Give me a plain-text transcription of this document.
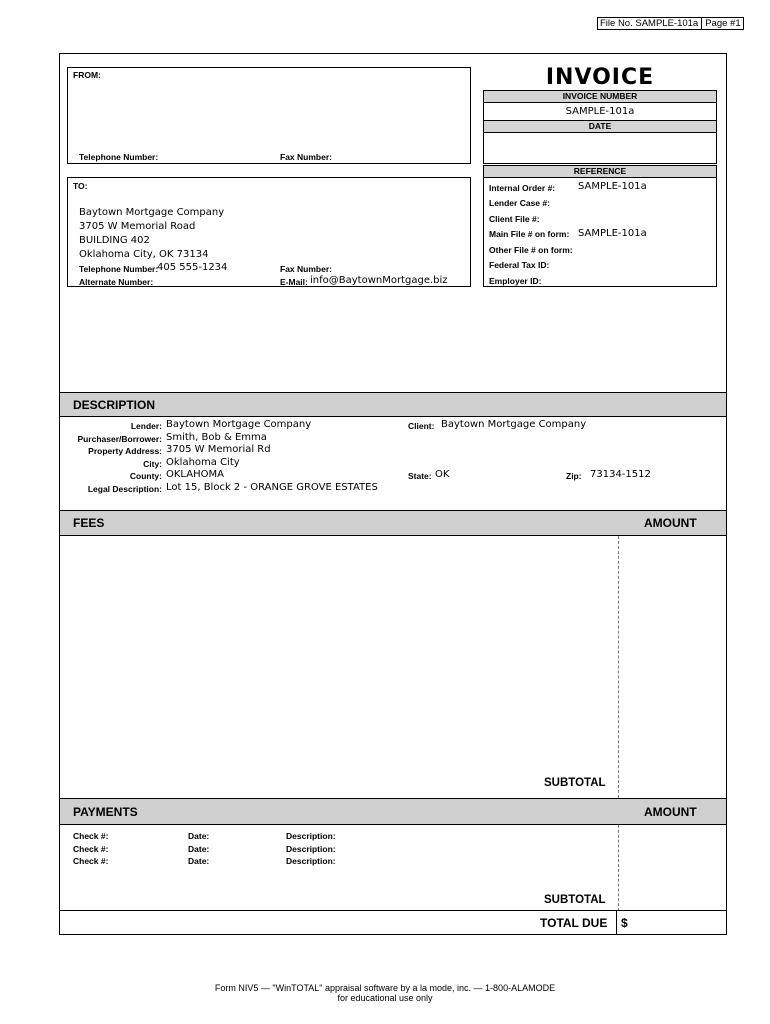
File No. SAMPLE-101a Page #1
FROM:
Telephone Number:	Fax Number:
INVOICE
INVOICE NUMBER
SAMPLE-101a
DATE
TO:
Baytown Mortgage Company
3705 W Memorial Road
BUILDING 402
Oklahoma City, OK 73134
Telephone Number:
405 555-1234	Fax Number:
Alternate Number:	E-Mail: info@BaytownMortgage.biz
REFERENCE
Internal Order #: SAMPLE-101a
Lender Case #:
Client File #:
Main File # on form: SAMPLE-101a
Other File # on form:
Federal Tax ID:
Employer ID:
DESCRIPTION
Lender: Baytown Mortgage Company	Client: Baytown Mortgage Company
Purchaser/Borrower: Smith, Bob & Emma
Property Address: 3705 W Memorial Rd
City: Oklahoma City
County: OKLAHOMA	State: OK	Zip: 73134-1512
Legal Description: Lot 15, Block 2 - ORANGE GROVE ESTATES
FEES	AMOUNT
SUBTOTAL
PAYMENTS	AMOUNT
Check #:	Date:	Description:
Check #:	Date:	Description:
Check #:	Date:	Description:
SUBTOTAL
TOTAL DUE $
Form NIV5 — "WinTOTAL" appraisal software by a la mode, inc. — 1-800-ALAMODE
for educational use only
